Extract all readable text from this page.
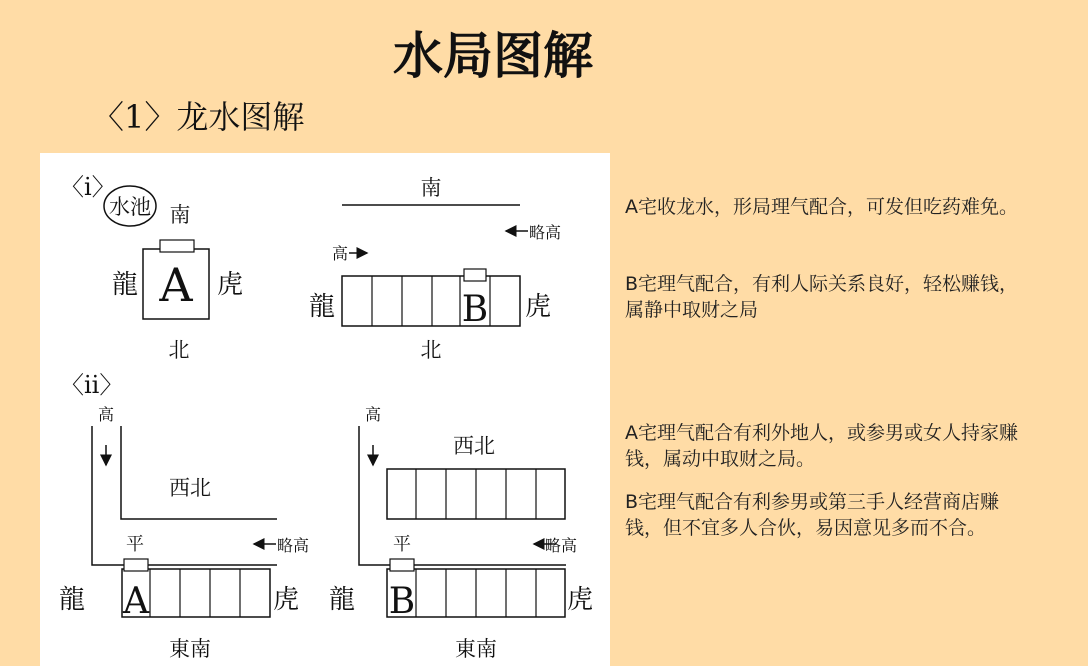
水局图解
〈1〉龙水图解
〈i〉
水池 南
A
龍	虎
北
南
略高
高
B
龍	虎
北
〈ii〉
高
西北
略高
平
A
龍	虎
東南
高
西北
略高
平
B
龍	虎
東南
A宅收龙水，形局理气配合，可发但吃药难免。
B宅理气配合，有利人际关系良好，轻松赚钱，属静中取财之局
A宅理气配合有利外地人，或参男或女人持家赚钱，属动中取财之局。
B宅理气配合有利参男或第三手人经营商店赚钱，但不宜多人合伙，易因意见多而不合。
